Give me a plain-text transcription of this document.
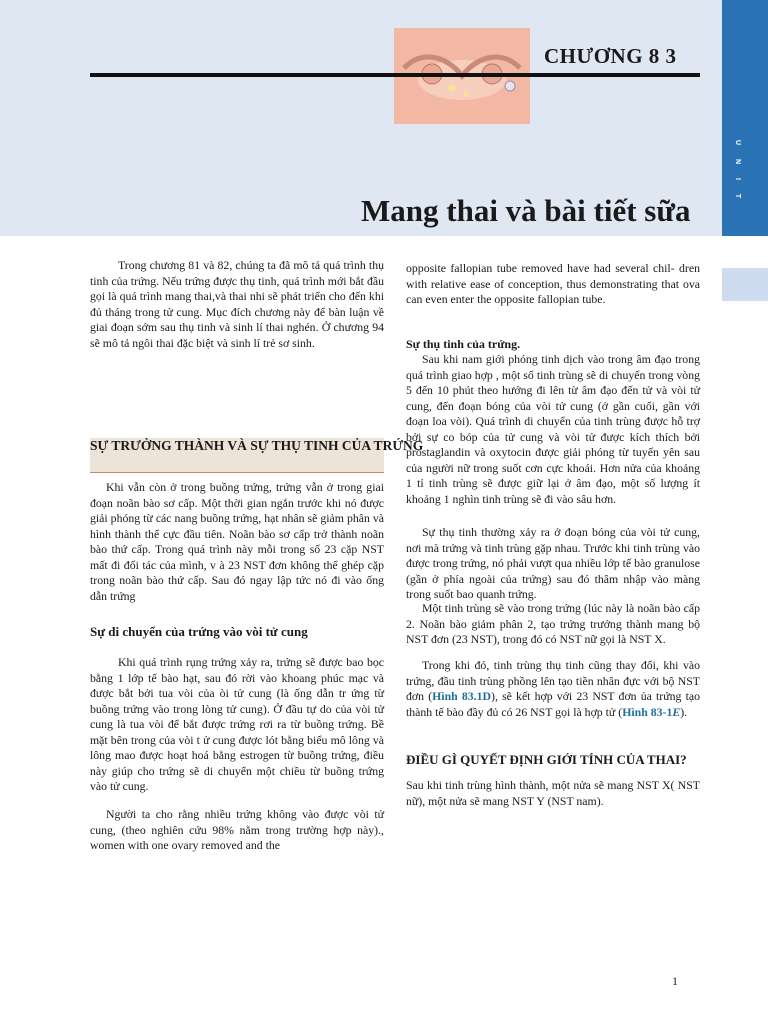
U N I T
CHƯƠNG 8 3
Mang thai và bài tiết sữa

Trong chương 81 và 82, chúng ta đã mô tả quá trình thụ tinh của trứng. Nếu trứng được thụ tinh, quá trình mới bắt đầu gọi là quá trình mang thai,và thai nhi sẽ phát triển cho đến khi đủ tháng trong tử cung. Mục đích chương này để bàn luận về giai đoạn sớm sau thụ tinh và sinh lí thai nghén. Ở chương 94 sẽ mô tả ngôi thai đặc biệt và sinh lí trẻ sơ sinh.

SỰ TRƯỞNG THÀNH VÀ SỰ THỤ TINH CỦA TRỨNG

Khi vẫn còn ở trong buồng trứng, trứng vẫn ở trong giai đoạn noãn bào sơ cấp. Một thời gian ngắn trước khi nó được giải phóng từ các nang buồng trứng, hạt nhân sẽ giảm phân và hình thành thể cực đầu tiên. Noãn bào sơ cấp trở thành noãn bào thứ cấp. Trong quá trình này mỗi trong số 23 cặp NST mất đi đối tác của mình, v à 23 NST đơn không thể ghép cặp trong noãn bào thứ cấp. Sau đó ngay lập tức nó đi vào ống dẫn trứng

Sự di chuyển của trứng vào vòi tử cung

Khi quá trình rụng trứng xảy ra, trứng sẽ được bao bọc bằng 1 lớp tế bào hạt, sau đó rời vào khoang phúc mạc và được bắt bởi tua vòi của òi tử cung (là ống dẫn tr ứng từ buồng trứng vào trong lòng tử cung). Ở đầu tự do của vòi tử cung là tua vòi để bắt được trứng rơi ra từ buồng trứng. Bề mặt bên trong của vòi t ử cung được lót bằng biểu mô lông và lông mao được hoạt hoá bằng estrogen từ buồng trứng, điều này giúp cho trứng sẽ di chuyển một chiều từ buồng trứng vào tử cung.

Người ta cho rằng nhiều trứng không vào được vòi tử cung, (theo nghiên cứu 98% nằm trong trường hợp này)., women with one ovary removed and the

opposite fallopian tube removed have had several chil- dren with relative ease of conception, thus demonstrating that ova can even enter the opposite fallopian tube.

Sự thụ tinh của trứng.

Sau khi nam giới phóng tinh dịch vào trong âm đạo trong quá trình giao hợp , một số tinh trùng sẽ di chuyển trong vòng 5 đến 10 phút theo hướng đi lên từ âm đạo đến tử và vòi tử cung, đến đoạn bóng của vòi tử cung (ở gần cuối, gần với đoạn loa vòi). Quá trình di chuyển của tinh trùng được hỗ trợ bởi sự co bóp của tử cung và vòi tử được kích thích bởi prostaglandin và oxytocin được giải phóng từ tuyến yên sau của người nữ trong suốt cơn cực khoái. Hơn nửa của khoảng 1 tỉ tinh trùng sẽ được giữ lại ở âm đạo, một số lượng ít khoảng 1 nghìn tinh trùng sẽ đi vào sâu hơn.

Sự thụ tinh thường xảy ra ở đoạn bóng của vòi tử cung, nơi mà trứng và tinh trùng gặp nhau. Trước khi tinh trùng vào được trong trứng, nó phải vượt qua nhiều lớp tế bào granulose (gần ở phía ngoài của trứng) sau đó thâm nhập vào màng trong suốt bao quanh trứng.

Một tinh trùng sẽ vào trong trứng (lúc này là noãn bào cấp 2. Noãn bào giảm phân 2, tạo trứng trưởng thành mang bộ NST đơn (23 NST), trong đó có NST nữ gọi là NST X.

Trong khi đó, tinh trùng thụ tinh cũng thay đổi, khi vào trứng, đầu tinh trùng phồng lên tạo tiền nhân đực với bộ NST đơn (Hình 83.1D), sẽ kết hợp với 23 NST đơn ủa trứng tạo thành tế bào đầy đủ có 26 NST gọi là hợp tử (Hình 83-1E).

ĐIỀU GÌ QUYẾT ĐỊNH GIỚI TÍNH CỦA THAI?

Sau khi tinh trùng hình thành, một nửa sẽ mang NST X( NST nữ), một nửa sẽ mang NST Y (NST nam).

1
